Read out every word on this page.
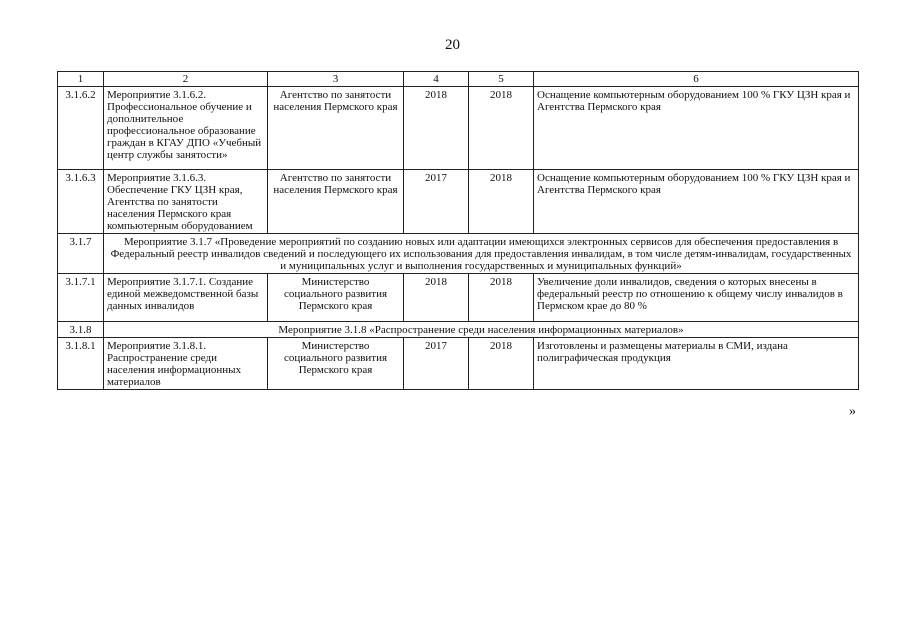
20
1	2	3	4	5	6
3.1.6.2	Мероприятие 3.1.6.2. Профессиональное обучение и дополнительное профессиональное образование граждан в КГАУ ДПО «Учебный центр службы занятости»	Агентство по занятости населения Пермского края	2018	2018	Оснащение компьютерным оборудованием 100 % ГКУ ЦЗН края и Агентства Пермского края
3.1.6.3	Мероприятие 3.1.6.3. Обеспечение ГКУ ЦЗН края, Агентства по занятости населения Пермского края компьютерным оборудованием	Агентство по занятости населения Пермского края	2017	2018	Оснащение компьютерным оборудованием 100 % ГКУ ЦЗН края и Агентства Пермского края
3.1.7	Мероприятие 3.1.7 «Проведение мероприятий по созданию новых или адаптации имеющихся электронных сервисов для обеспечения предоставления в Федеральный реестр инвалидов сведений и последующего их использования для предоставления инвалидам, в том числе детям-инвалидам, государственных и муниципальных услуг и выполнения государственных и муниципальных функций»				
3.1.7.1	Мероприятие 3.1.7.1. Создание единой межведомственной базы данных инвалидов	Министерство социального развития Пермского края	2018	2018	Увеличение доли инвалидов, сведения о которых внесены в федеральный реестр по отношению к общему числу инвалидов в Пермском крае до 80 %
3.1.8	Мероприятие 3.1.8 «Распространение среди населения информационных материалов»				
3.1.8.1	Мероприятие 3.1.8.1. Распространение среди населения информационных материалов	Министерство социального развития Пермского края	2017	2018	Изготовлены и размещены материалы в СМИ, издана полиграфическая продукция
»
